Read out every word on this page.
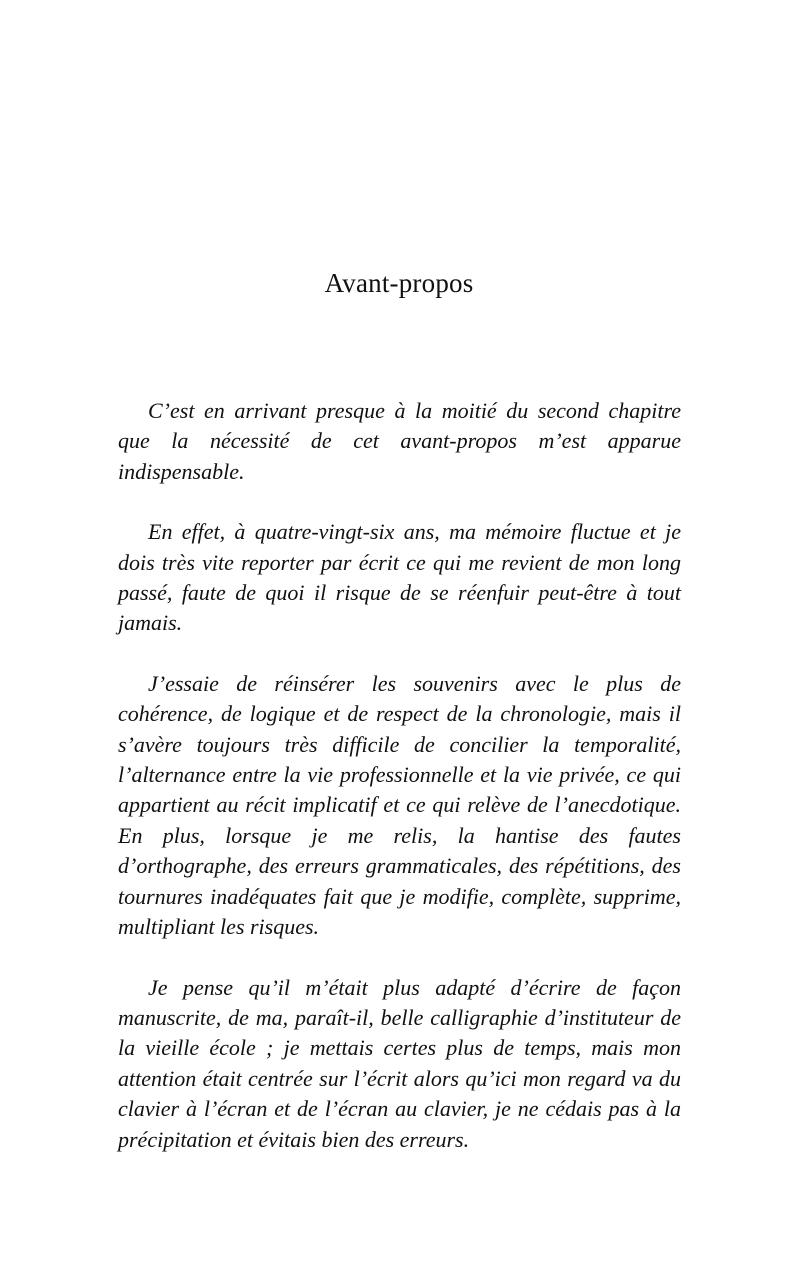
Avant-propos

C’est en arrivant presque à la moitié du second chapitre que la nécessité de cet avant-propos m’est apparue indispensable.

En effet, à quatre-vingt-six ans, ma mémoire fluctue et je dois très vite reporter par écrit ce qui me revient de mon long passé, faute de quoi il risque de se réenfuir peut-être à tout jamais.

J’essaie de réinsérer les souvenirs avec le plus de cohérence, de logique et de respect de la chronologie, mais il s’avère toujours très difficile de concilier la temporalité, l’alternance entre la vie professionnelle et la vie privée, ce qui appartient au récit implicatif et ce qui relève de l’anecdotique. En plus, lorsque je me relis, la hantise des fautes d’orthographe, des erreurs grammaticales, des répétitions, des tournures inadéquates fait que je modifie, complète, supprime, multipliant les risques.

Je pense qu’il m’était plus adapté d’écrire de façon manuscrite, de ma, paraît-il, belle calligraphie d’instituteur de la vieille école ; je mettais certes plus de temps, mais mon attention était centrée sur l’écrit alors qu’ici mon regard va du clavier à l’écran et de l’écran au clavier, je ne cédais pas à la précipitation et évitais bien des erreurs.
